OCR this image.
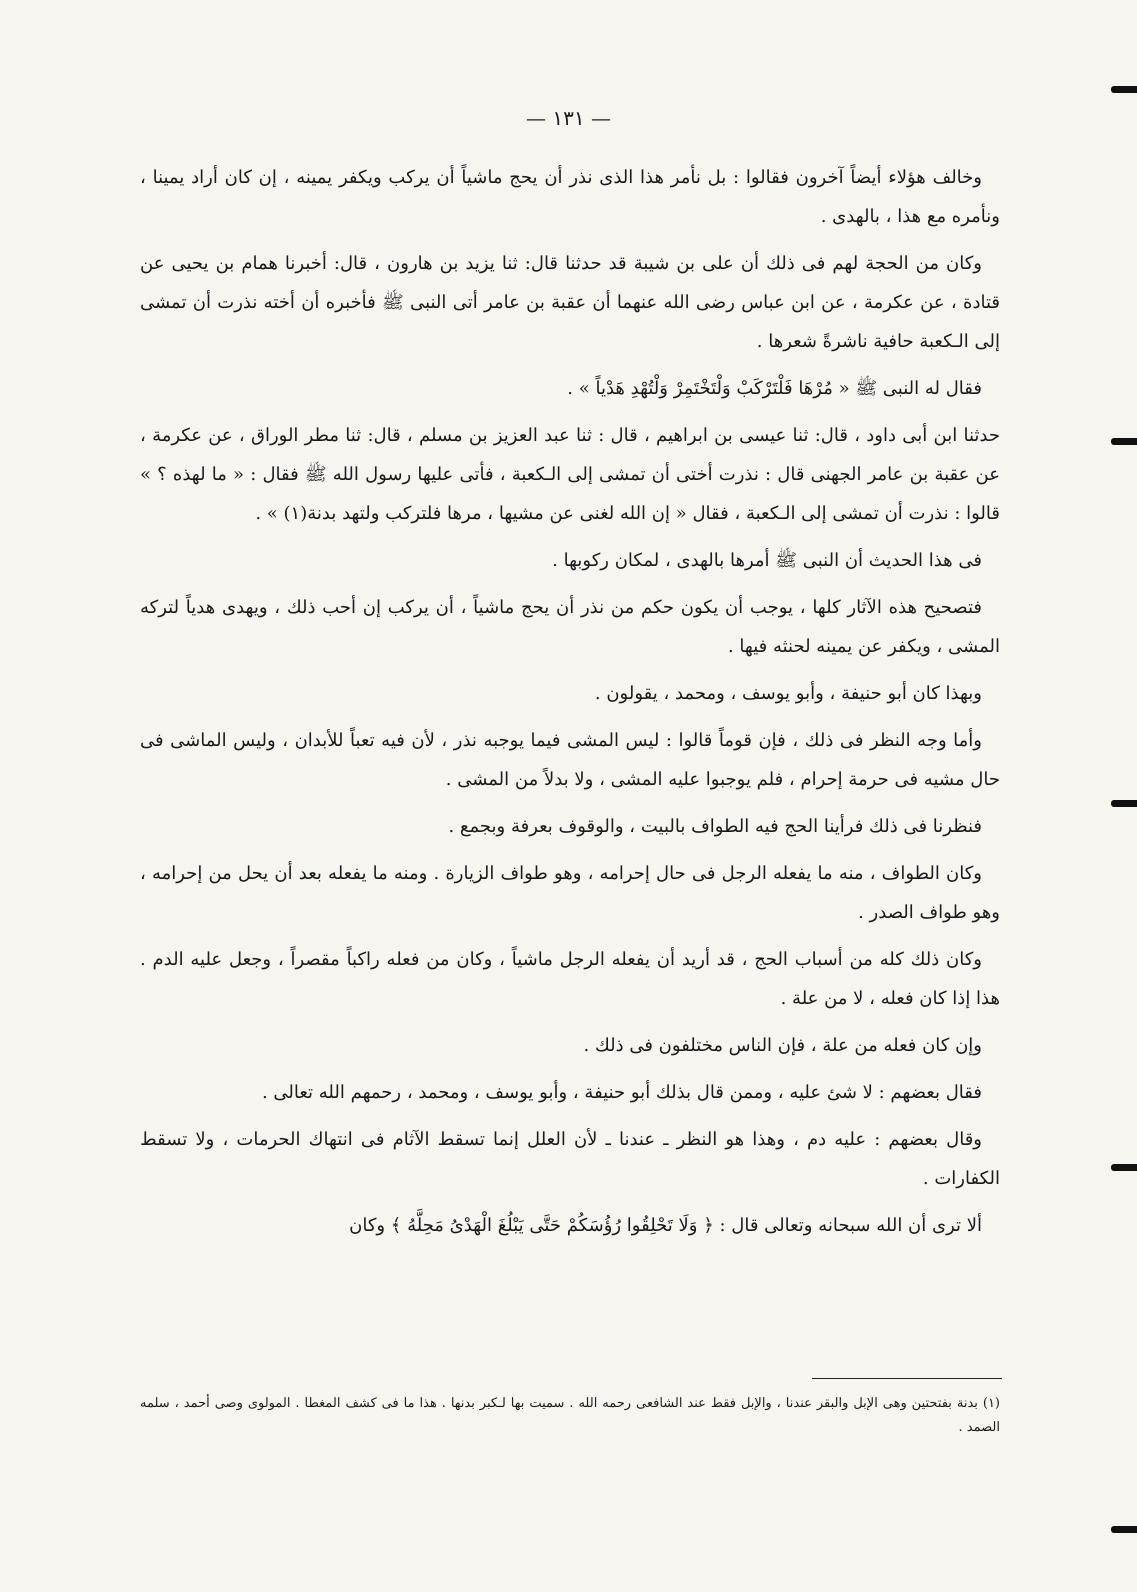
— ١٣١ —

وخالف هؤلاء أيضاً آخرون فقالوا : بل نأمر هذا الذى نذر أن يحج ماشياً أن يركب ويكفر يمينه ، إن كان أراد يمينا ، ونأمره مع هذا ، بالهدى .

وكان من الحجة لهم فى ذلك أن على بن شيبة قد حدثنا قال: ثنا يزيد بن هارون ، قال: أخبرنا همام بن يحيى عن قتادة ، عن عكرمة ، عن ابن عباس رضى الله عنهما أن عقبة بن عامر أتى النبى ﷺ فأخبره أن أخته نذرت أن تمشى إلى الـكعبة حافية ناشرةً شعرها .

فقال له النبى ﷺ « مُرْهَا فَلْتَرْكَبْ وَلْتَخْتَمِرْ وَلْتُهْدِ هَدْياً » .

حدثنا ابن أبى داود ، قال: ثنا عيسى بن ابراهيم ، قال : ثنا عبد العزيز بن مسلم ، قال: ثنا مطر الوراق ، عن عكرمة ، عن عقبة بن عامر الجهنى قال : نذرت أختى أن تمشى إلى الـكعبة ، فأتى عليها رسول الله ﷺ فقال : « ما لهذه ؟ » قالوا : نذرت أن تمشى إلى الـكعبة ، فقال « إن الله لغنى عن مشيها ، مرها فلتركب ولتهد بدنة(١) » .

فى هذا الحديث أن النبى ﷺ أمرها بالهدى ، لمكان ركوبها .

فتصحيح هذه الآثار كلها ، يوجب أن يكون حكم من نذر أن يحج ماشياً ، أن يركب إن أحب ذلك ، ويهدى هدياً لتركه المشى ، ويكفر عن يمينه لحنثه فيها .

وبهذا كان أبو حنيفة ، وأبو يوسف ، ومحمد ، يقولون .

وأما وجه النظر فى ذلك ، فإن قوماً قالوا : ليس المشى فيما يوجبه نذر ، لأن فيه تعباً للأبدان ، وليس الماشى فى حال مشيه فى حرمة إحرام ، فلم يوجبوا عليه المشى ، ولا بدلاً من المشى .

فنظرنا فى ذلك فرأينا الحج فيه الطواف بالبيت ، والوقوف بعرفة وبجمع .

وكان الطواف ، منه ما يفعله الرجل فى حال إحرامه ، وهو طواف الزيارة . ومنه ما يفعله بعد أن يحل من إحرامه ، وهو طواف الصدر .

وكان ذلك كله من أسباب الحج ، قد أريد أن يفعله الرجل ماشياً ، وكان من فعله راكباً مقصراً ، وجعل عليه الدم . هذا إذا كان فعله ، لا من علة .

وإن كان فعله من علة ، فإن الناس مختلفون فى ذلك .

فقال بعضهم : لا شئ عليه ، وممن قال بذلك أبو حنيفة ، وأبو يوسف ، ومحمد ، رحمهم الله تعالى .

وقال بعضهم : عليه دم ، وهذا هو النظر ـ عندنا ـ لأن العلل إنما تسقط الآثام فى انتهاك الحرمات ، ولا تسقط الكفارات .

ألا ترى أن الله سبحانه وتعالى قال : ﴿ وَلَا تَحْلِقُوا رُؤُسَكُمْ حَتَّى يَبْلُغَ الْهَدْىُ مَحِلَّهُ ﴾ وكان

(١) بدنة بفتحتين وهى الإبل والبقر عندنا ، والإبل فقط عند الشافعى رحمه الله . سميت بها لـكبر بدنها . هذا ما فى كشف المغطا . المولوى وصى أحمد ، سلمه الصمد .
